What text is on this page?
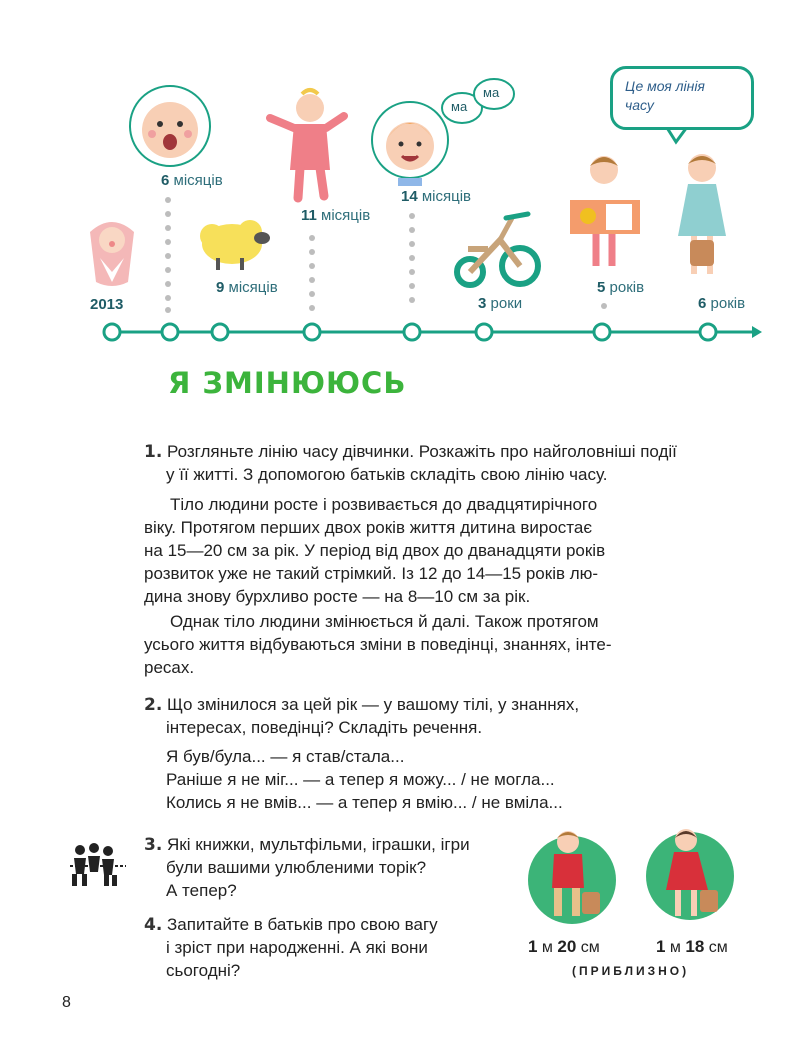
Це моя лінія
часу
ма
ма
2013
6 місяців
9 місяців
11 місяців
14 місяців
3 роки
5 років
6 років
Я ЗМІНЮЮСЬ
1. Розгляньте лінію часу дівчинки. Розкажіть про найголовніші події
у її житті. З допомогою батьків складіть свою лінію часу.
Тіло людини росте і розвивається до двадцятирічного
віку. Протягом перших двох років життя дитина виростає
на 15—20 см за рік. У період від двох до дванадцяти років
розвиток уже не такий стрімкий. Із 12 до 14—15 років лю-
дина знову бурхливо росте — на 8—10 см за рік.
Однак тіло людини змінюється й далі. Також протягом
усього життя відбуваються зміни в поведінці, знаннях, інте-
ресах.
2. Що змінилося за цей рік — у вашому тілі, у знаннях,
інтересах, поведінці? Складіть речення.
Я був/була... — я став/стала...
Раніше я не міг... — а тепер я можу... / не могла...
Колись я не вмів... — а тепер я вмію... / не вміла...
3. Які книжки, мультфільми, іграшки, ігри
були вашими улюбленими торік?
А тепер?
4. Запитайте в батьків про свою вагу
і зріст при народженні. А які вони
сьогодні?
1 м 20 см	1 м 18 см
(ПРИБЛИЗНО)
8
